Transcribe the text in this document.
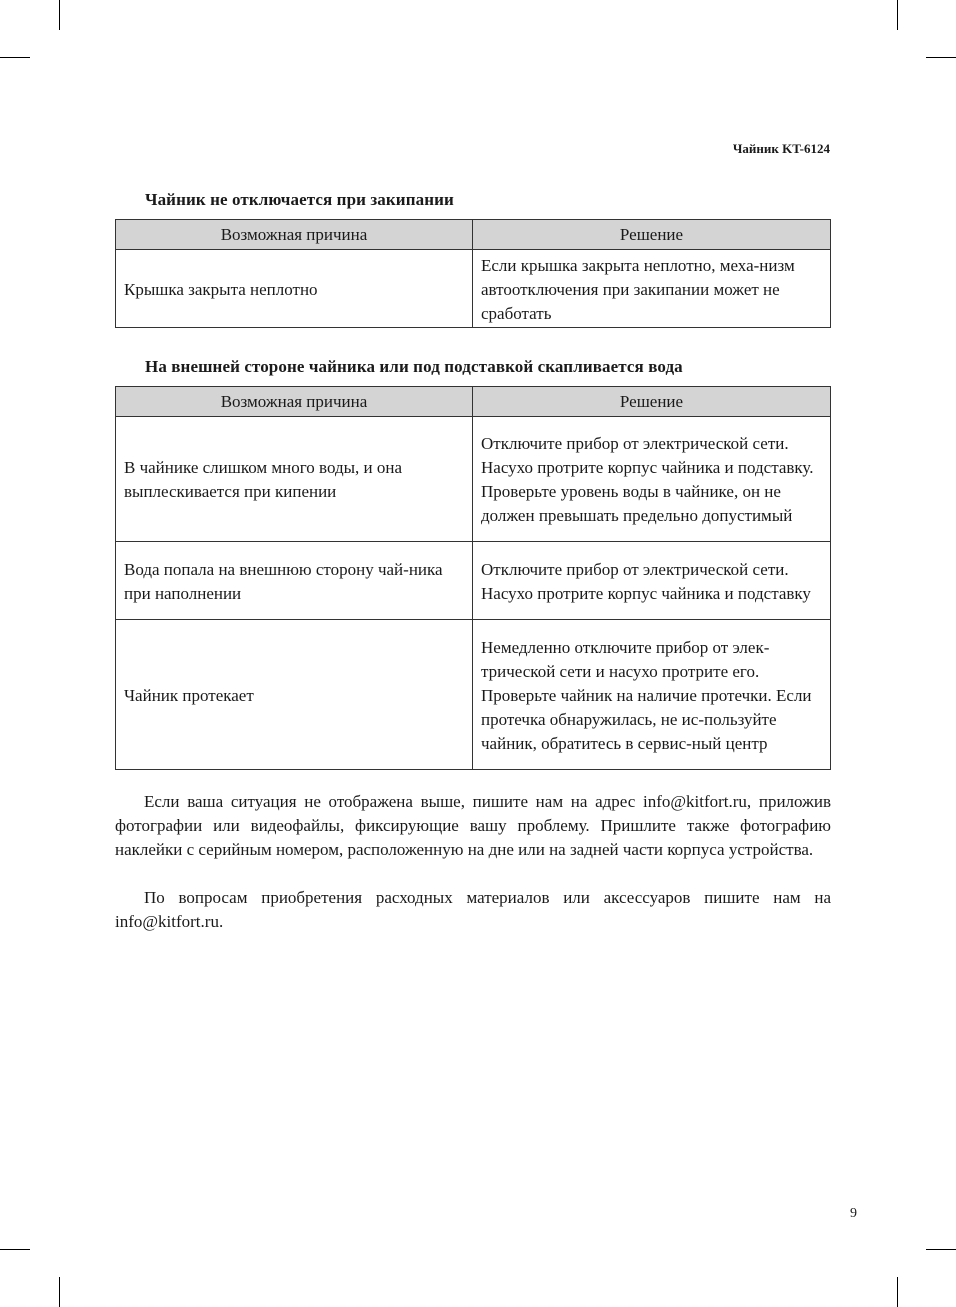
Чайник KT-6124
Чайник не отключается при закипании
Возможная причина	Решение
Крышка закрыта неплотно	Если крышка закрыта неплотно, меха-низм автоотключения при закипании может не сработать
На внешней стороне чайника или под подставкой скапливается вода
Возможная причина	Решение
В чайнике слишком много воды, и она выплескивается при кипении	Отключите прибор от электрической сети. Насухо протрите корпус чайника и подставку. Проверьте уровень воды в чайнике, он не должен превышать предельно допустимый
Вода попала на внешнюю сторону чай-ника при наполнении	Отключите прибор от электрической сети. Насухо протрите корпус чайника и подставку
Чайник протекает	Немедленно отключите прибор от элек-трической сети и насухо протрите его. Проверьте чайник на наличие протечки. Если протечка обнаружилась, не ис-пользуйте чайник, обратитесь в сервис-ный центр
Если ваша ситуация не отображена выше, пишите нам на адрес info@kitfort.ru, приложив фотографии или видеофайлы, фиксирующие вашу проблему. Пришлите также фотографию наклейки с серийным номером, расположенную на дне или на задней части корпуса устройства.
По вопросам приобретения расходных материалов или аксессуаров пишите нам на info@kitfort.ru.
9
